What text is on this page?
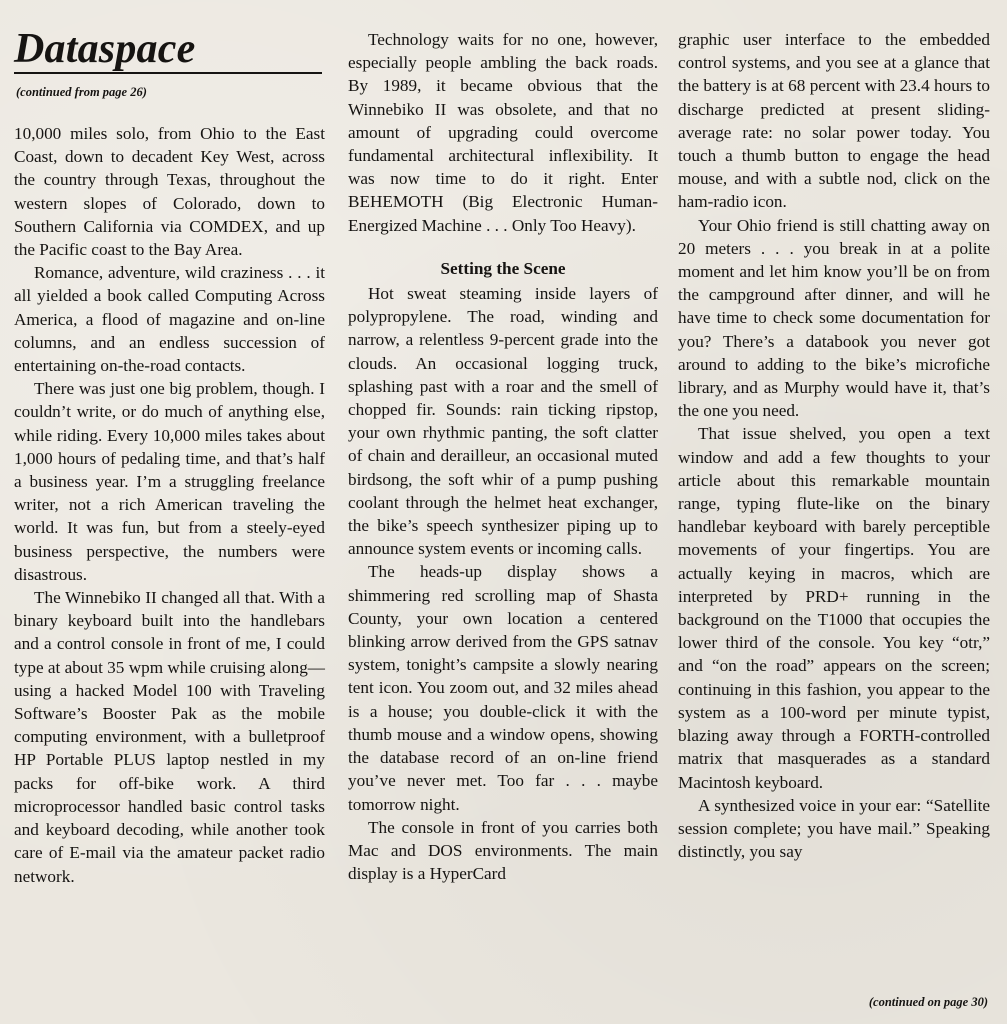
Dataspace
(continued from page 26)

10,000 miles solo, from Ohio to the East Coast, down to decadent Key West, across the country through Texas, throughout the western slopes of Colorado, down to Southern California via COMDEX, and up the Pacific coast to the Bay Area.

Romance, adventure, wild craziness . . . it all yielded a book called Computing Across America, a flood of magazine and on-line columns, and an endless succession of entertaining on-the-road contacts.

There was just one big problem, though. I couldn’t write, or do much of anything else, while riding. Every 10,000 miles takes about 1,000 hours of pedaling time, and that’s half a business year. I’m a struggling freelance writer, not a rich American traveling the world. It was fun, but from a steely-eyed business perspective, the numbers were disastrous.

The Winnebiko II changed all that. With a binary keyboard built into the handlebars and a control console in front of me, I could type at about 35 wpm while cruising along—using a hacked Model 100 with Traveling Software’s Booster Pak as the mobile computing environment, with a bulletproof HP Portable PLUS laptop nestled in my packs for off-bike work. A third microprocessor handled basic control tasks and keyboard decoding, while another took care of E-mail via the amateur packet radio network.

Technology waits for no one, however, especially people ambling the back roads. By 1989, it became obvious that the Winnebiko II was obsolete, and that no amount of upgrading could overcome fundamental architectural inflexibility. It was now time to do it right. Enter BEHEMOTH (Big Electronic Human-Energized Machine . . . Only Too Heavy).

Setting the Scene

Hot sweat steaming inside layers of polypropylene. The road, winding and narrow, a relentless 9-percent grade into the clouds. An occasional logging truck, splashing past with a roar and the smell of chopped fir. Sounds: rain ticking ripstop, your own rhythmic panting, the soft clatter of chain and derailleur, an occasional muted birdsong, the soft whir of a pump pushing coolant through the helmet heat exchanger, the bike’s speech synthesizer piping up to announce system events or incoming calls.

The heads-up display shows a shimmering red scrolling map of Shasta County, your own location a centered blinking arrow derived from the GPS satnav system, tonight’s campsite a slowly nearing tent icon. You zoom out, and 32 miles ahead is a house; you double-click it with the thumb mouse and a window opens, showing the database record of an on-line friend you’ve never met. Too far . . . maybe tomorrow night.

The console in front of you carries both Mac and DOS environments. The main display is a HyperCard

graphic user interface to the embedded control systems, and you see at a glance that the battery is at 68 percent with 23.4 hours to discharge predicted at present sliding-average rate: no solar power today. You touch a thumb button to engage the head mouse, and with a subtle nod, click on the ham-radio icon.

Your Ohio friend is still chatting away on 20 meters . . . you break in at a polite moment and let him know you’ll be on from the campground after dinner, and will he have time to check some documentation for you? There’s a databook you never got around to adding to the bike’s microfiche library, and as Murphy would have it, that’s the one you need.

That issue shelved, you open a text window and add a few thoughts to your article about this remarkable mountain range, typing flute-like on the binary handlebar keyboard with barely perceptible movements of your fingertips. You are actually keying in macros, which are interpreted by PRD+ running in the background on the T1000 that occupies the lower third of the console. You key “otr,” and “on the road” appears on the screen; continuing in this fashion, you appear to the system as a 100-word per minute typist, blazing away through a FORTH-controlled matrix that masquerades as a standard Macintosh keyboard.

A synthesized voice in your ear: “Satellite session complete; you have mail.” Speaking distinctly, you say

(continued on page 30)
